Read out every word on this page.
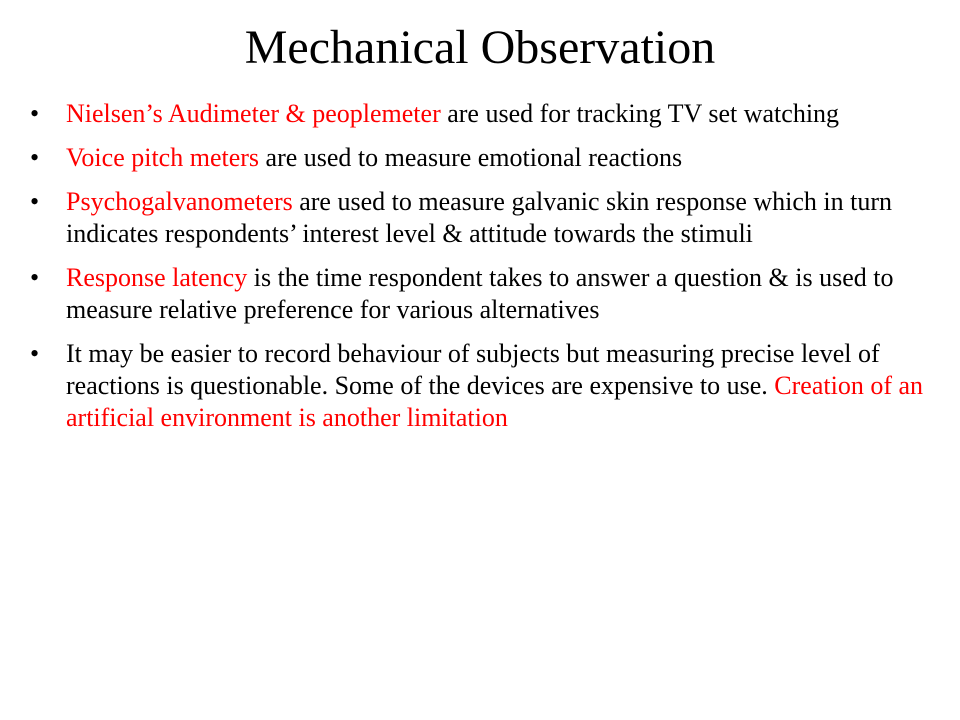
Mechanical Observation
• Nielsen’s Audimeter & peoplemeter are used for tracking TV set watching
• Voice pitch meters are used to measure emotional reactions
• Psychogalvanometers are used to measure galvanic skin response which in turn indicates respondents’ interest level & attitude towards the stimuli
• Response latency is the time respondent takes to answer a question & is used to measure relative preference for various alternatives
• It may be easier to record behaviour of subjects but measuring precise level of reactions is questionable. Some of the devices are expensive to use. Creation of an artificial environment is another limitation
